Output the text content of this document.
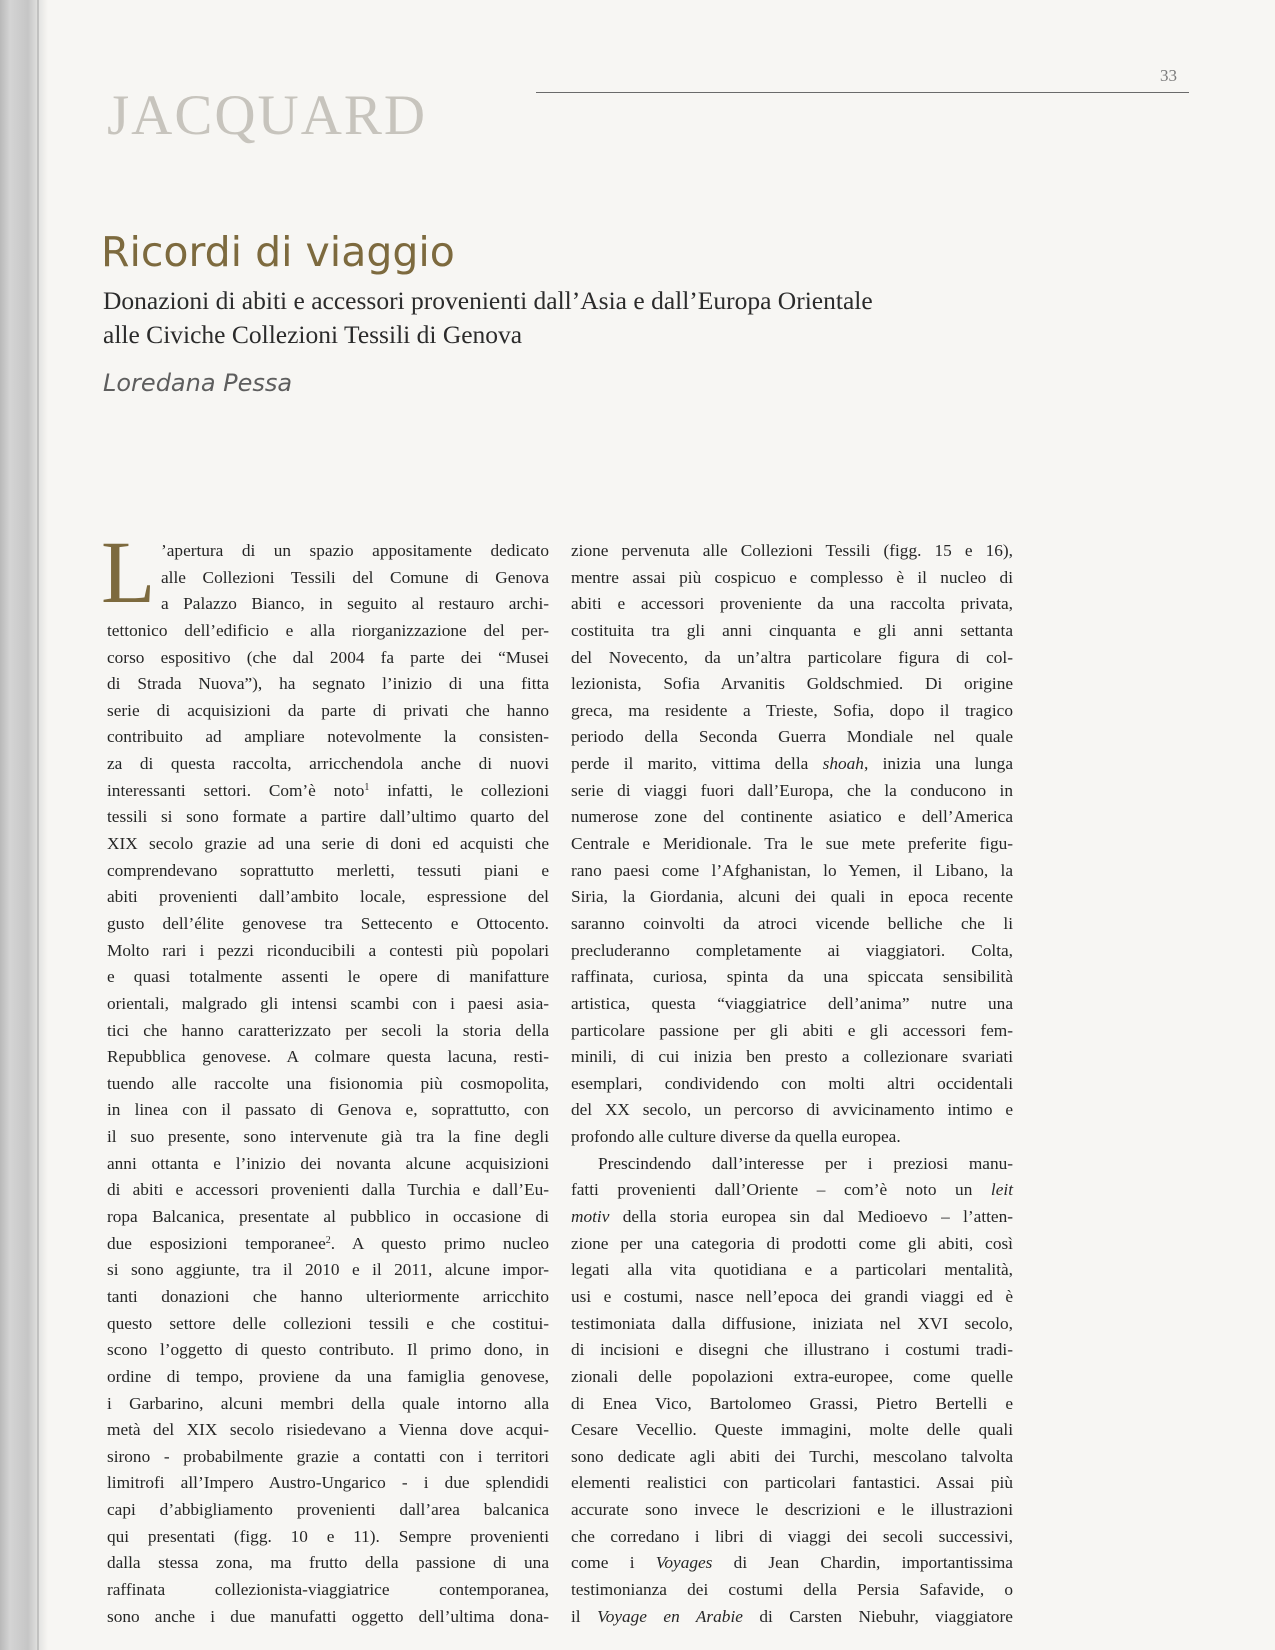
jacquard	33
Ricordi di viaggio
Donazioni di abiti e accessori provenienti dall’Asia e dall’Europa Orientale
alle Civiche Collezioni Tessili di Genova
Loredana Pessa
L ’apertura di un spazio appositamente dedicato
alle Collezioni Tessili del Comune di Genova
a Palazzo Bianco, in seguito al restauro archi-
tettonico dell’edificio e alla riorganizzazione del per-
corso espositivo (che dal 2004 fa parte dei “Musei
di Strada Nuova”), ha segnato l’inizio di una fitta
serie di acquisizioni da parte di privati che hanno
contribuito ad ampliare notevolmente la consisten-
za di questa raccolta, arricchendola anche di nuovi
interessanti settori. Com’è noto$^1$ infatti, le collezioni
tessili si sono formate a partire dall’ultimo quarto del
XIX secolo grazie ad una serie di doni ed acquisti che
comprendevano soprattutto merletti, tessuti piani e
abiti provenienti dall’ambito locale, espressione del
gusto dell’élite genovese tra Settecento e Ottocento.
Molto rari i pezzi riconducibili a contesti più popolari
e quasi totalmente assenti le opere di manifatture
orientali, malgrado gli intensi scambi con i paesi asia-
tici che hanno caratterizzato per secoli la storia della
Repubblica genovese. A colmare questa lacuna, resti-
tuendo alle raccolte una fisionomia più cosmopolita,
in linea con il passato di Genova e, soprattutto, con
il suo presente, sono intervenute già tra la fine degli
anni ottanta e l’inizio dei novanta alcune acquisizioni
di abiti e accessori provenienti dalla Turchia e dall’Eu-
ropa Balcanica, presentate al pubblico in occasione di
due esposizioni temporanee$^2$. A questo primo nucleo
si sono aggiunte, tra il 2010 e il 2011, alcune impor-
tanti donazioni che hanno ulteriormente arricchito
questo settore delle collezioni tessili e che costitui-
scono l’oggetto di questo contributo. Il primo dono, in
ordine di tempo, proviene da una famiglia genovese,
i Garbarino, alcuni membri della quale intorno alla
metà del XIX secolo risiedevano a Vienna dove acqui-
sirono - probabilmente grazie a contatti con i territori
limitrofi all’Impero Austro-Ungarico - i due splendidi
capi d’abbigliamento provenienti dall’area balcanica
qui presentati (figg. 10 e 11). Sempre provenienti
dalla stessa zona, ma frutto della passione di una
raffinata collezionista-viaggiatrice contemporanea,
sono anche i due manufatti oggetto dell’ultima dona-
zione pervenuta alle Collezioni Tessili (figg. 15 e 16),
mentre assai più cospicuo e complesso è il nucleo di
abiti e accessori proveniente da una raccolta privata,
costituita tra gli anni cinquanta e gli anni settanta
del Novecento, da un’altra particolare figura di col-
lezionista, Sofia Arvanitis Goldschmied. Di origine
greca, ma residente a Trieste, Sofia, dopo il tragico
periodo della Seconda Guerra Mondiale nel quale
perde il marito, vittima della shoah, inizia una lunga
serie di viaggi fuori dall’Europa, che la conducono in
numerose zone del continente asiatico e dell’America
Centrale e Meridionale. Tra le sue mete preferite figu-
rano paesi come l’Afghanistan, lo Yemen, il Libano, la
Siria, la Giordania, alcuni dei quali in epoca recente
saranno coinvolti da atroci vicende belliche che li
precluderanno completamente ai viaggiatori. Colta,
raffinata, curiosa, spinta da una spiccata sensibilità
artistica, questa “viaggiatrice dell’anima” nutre una
particolare passione per gli abiti e gli accessori fem-
minili, di cui inizia ben presto a collezionare svariati
esemplari, condividendo con molti altri occidentali
del XX secolo, un percorso di avvicinamento intimo e
profondo alle culture diverse da quella europea.
Prescindendo dall’interesse per i preziosi manu-
fatti provenienti dall’Oriente – com’è noto un leit
motiv della storia europea sin dal Medioevo – l’atten-
zione per una categoria di prodotti come gli abiti, così
legati alla vita quotidiana e a particolari mentalità,
usi e costumi, nasce nell’epoca dei grandi viaggi ed è
testimoniata dalla diffusione, iniziata nel XVI secolo,
di incisioni e disegni che illustrano i costumi tradi-
zionali delle popolazioni extra-europee, come quelle
di Enea Vico, Bartolomeo Grassi, Pietro Bertelli e
Cesare Vecellio. Queste immagini, molte delle quali
sono dedicate agli abiti dei Turchi, mescolano talvolta
elementi realistici con particolari fantastici. Assai più
accurate sono invece le descrizioni e le illustrazioni
che corredano i libri di viaggi dei secoli successivi,
come i Voyages di Jean Chardin, importantissima
testimonianza dei costumi della Persia Safavide, o
il Voyage en Arabie di Carsten Niebuhr, viaggiatore
